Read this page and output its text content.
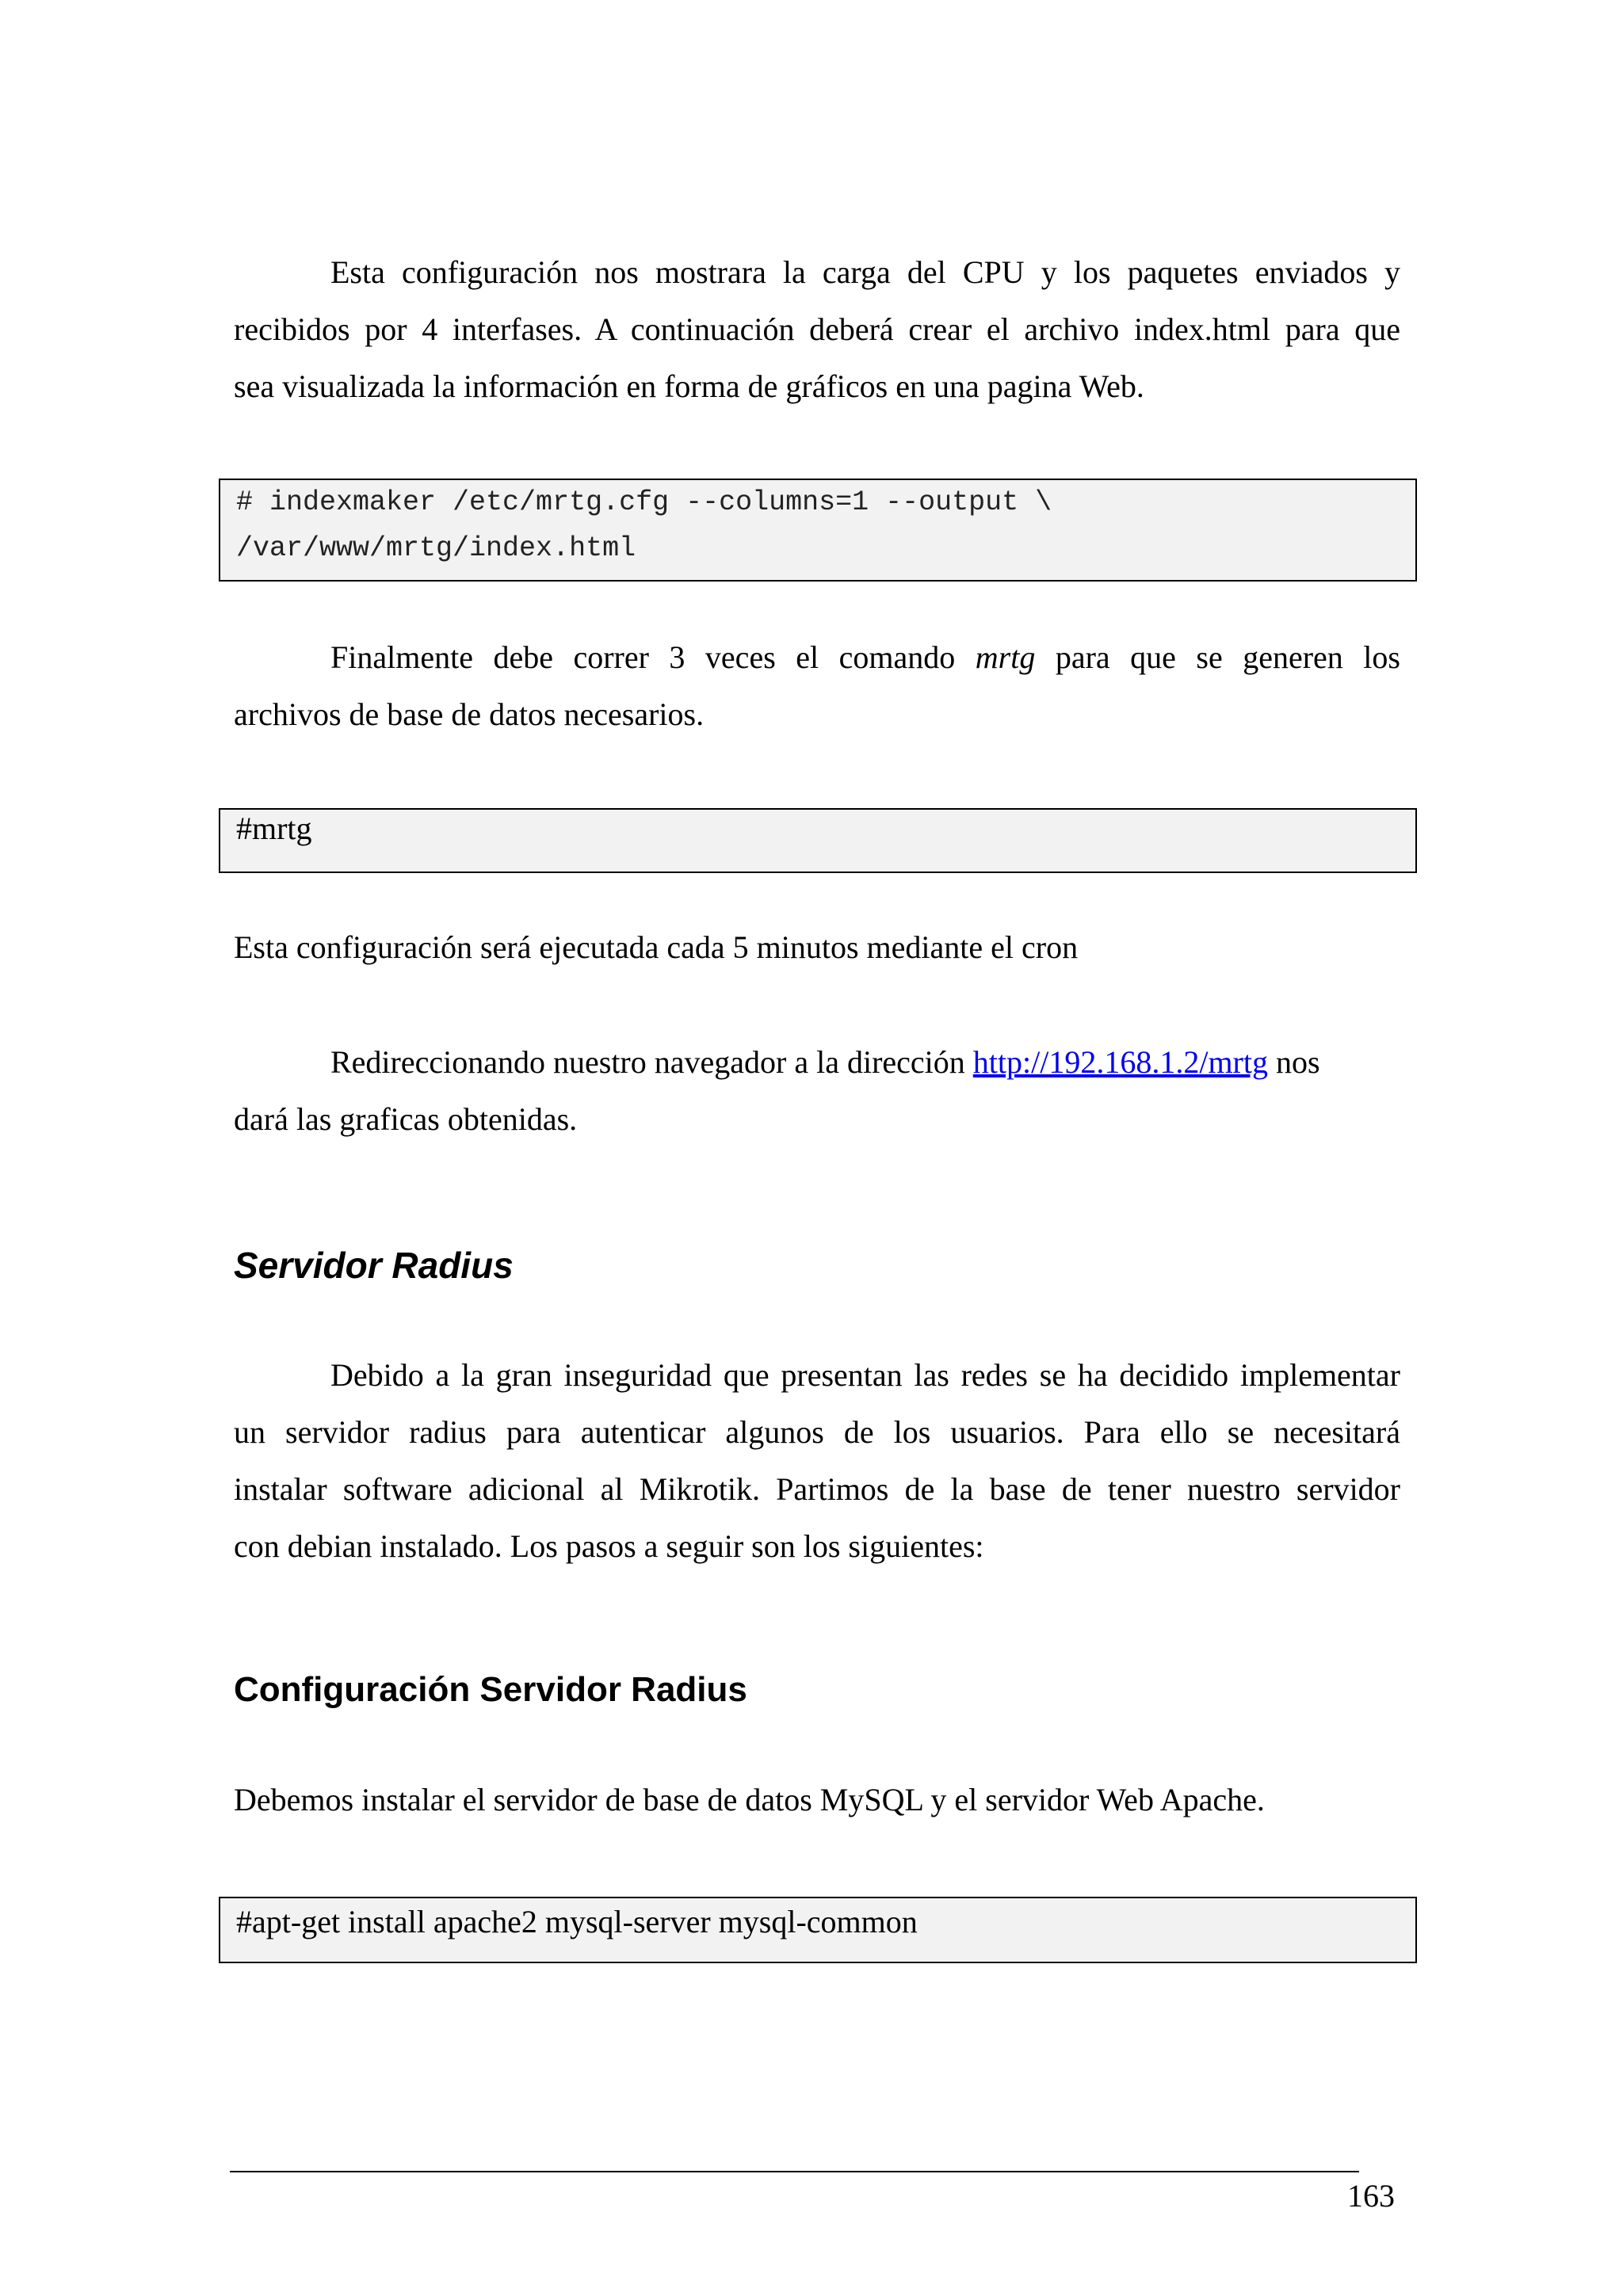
Esta configuración nos mostrara la carga del CPU y los paquetes enviados y
recibidos por 4 interfases. A continuación deberá crear el archivo index.html para que
sea visualizada la información en forma de gráficos en una pagina Web.
# indexmaker /etc/mrtg.cfg --columns=1 --output \
/var/www/mrtg/index.html
Finalmente debe correr 3 veces el comando mrtg para que se generen los
archivos de base de datos necesarios.
#mrtg
Esta configuración será ejecutada cada 5 minutos mediante el cron
Redireccionando nuestro navegador a la dirección http://192.168.1.2/mrtg nos
dará las graficas obtenidas.
Servidor Radius
Debido a la gran inseguridad que presentan las redes se ha decidido implementar
un servidor radius para autenticar algunos de los usuarios. Para ello se necesitará
instalar software adicional al Mikrotik. Partimos de la base de tener nuestro servidor
con debian instalado. Los pasos a seguir son los siguientes:
Configuración Servidor Radius
Debemos instalar el servidor de base de datos MySQL y el servidor Web Apache.
#apt-get install apache2 mysql-server mysql-common
163
